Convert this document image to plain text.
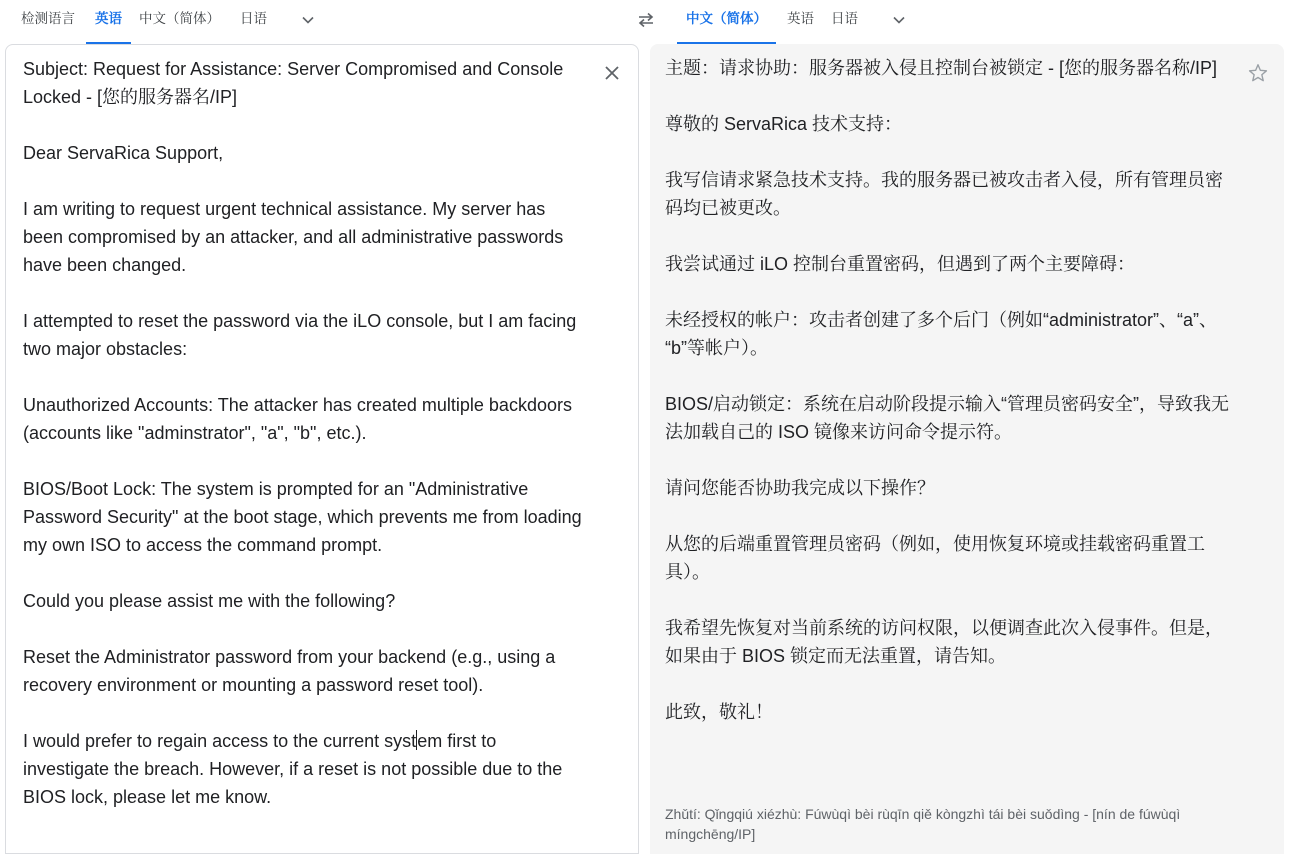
检测语言	英语	中文（简体） 日语	中文（简体）	英语 日语
Subject: Request for Assistance: Server Compromised and Console
Locked - [您的服务器名/IP]
Dear ServaRica Support,
I am writing to request urgent technical assistance. My server has
been compromised by an attacker, and all administrative passwords
have been changed.
I attempted to reset the password via the iLO console, but I am facing
two major obstacles:
Unauthorized Accounts: The attacker has created multiple backdoors
(accounts like "adminstrator", "a", "b", etc.).
BIOS/Boot Lock: The system is prompted for an "Administrative
Password Security" at the boot stage, which prevents me from loading
my own ISO to access the command prompt.
Could you please assist me with the following?
Reset the Administrator password from your backend (e.g., using a
recovery environment or mounting a password reset tool).
I would prefer to regain access to the current system first to
investigate the breach. However, if a reset is not possible due to the
BIOS lock, please let me know.
主题：请求协助：服务器被入侵且控制台被锁定 - [您的服务器名称/IP]
尊敬的 ServaRica 技术支持：
我写信请求紧急技术支持。我的服务器已被攻击者入侵，所有管理员密
码均已被更改。
我尝试通过 iLO 控制台重置密码，但遇到了两个主要障碍：
未经授权的帐户：攻击者创建了多个后门（例如“administrator”、“a”、
“b”等帐户）。
BIOS/启动锁定：系统在启动阶段提示输入“管理员密码安全”，导致我无
法加载自己的 ISO 镜像来访问命令提示符。
请问您能否协助我完成以下操作？
从您的后端重置管理员密码（例如，使用恢复环境或挂载密码重置工
具）。
我希望先恢复对当前系统的访问权限，以便调查此次入侵事件。但是，
如果由于 BIOS 锁定而无法重置，请告知。
此致，敬礼！
Zhǔtí: Qǐngqiú xiézhù: Fúwùqì bèi rùqīn qiě kòngzhì tái bèi suǒdìng - [nín de fúwùqì míngchēng/IP]
